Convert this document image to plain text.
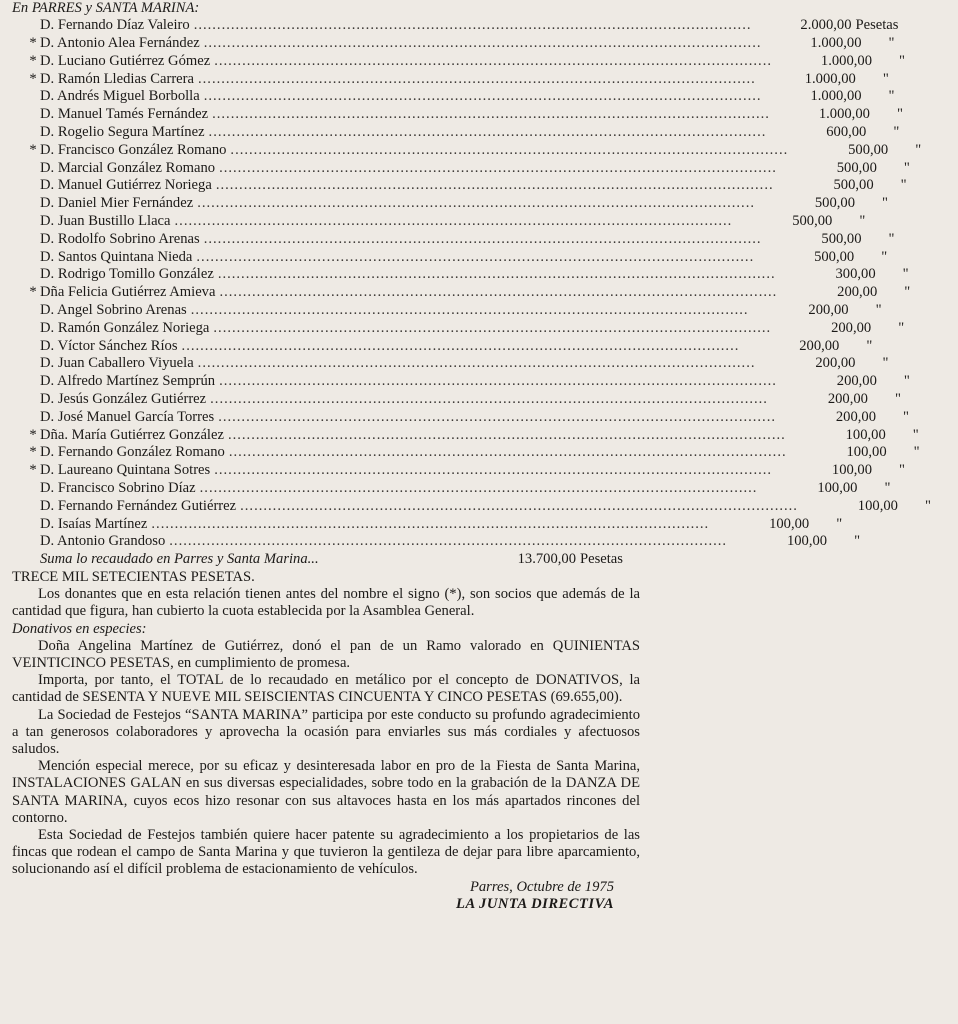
En PARRES y SANTA MARINA:

D. Fernando Díaz Valeiro ........................................................................................................................	2.000,00 Pesetas
* D. Antonio Alea Fernández ........................................................................................................................	1.000,00	"
* D. Luciano Gutiérrez Gómez ........................................................................................................................	1.000,00	"
* D. Ramón Lledias Carrera ........................................................................................................................	1.000,00	"
D. Andrés Miguel Borbolla ........................................................................................................................	1.000,00	"
D. Manuel Tamés Fernández ........................................................................................................................	1.000,00	"
D. Rogelio Segura Martínez ........................................................................................................................	600,00	"
* D. Francisco González Romano ........................................................................................................................	500,00	"
D. Marcial González Romano ........................................................................................................................	500,00	"
D. Manuel Gutiérrez Noriega ........................................................................................................................	500,00	"
D. Daniel Mier Fernández ........................................................................................................................	500,00	"
D. Juan Bustillo Llaca ........................................................................................................................	500,00	"
D. Rodolfo Sobrino Arenas ........................................................................................................................	500,00	"
D. Santos Quintana Nieda ........................................................................................................................	500,00	"
D. Rodrigo Tomillo González ........................................................................................................................	300,00	"
* Dña Felicia Gutiérrez Amieva ........................................................................................................................	200,00	"
D. Angel Sobrino Arenas ........................................................................................................................	200,00	"
D. Ramón González Noriega ........................................................................................................................	200,00	"
D. Víctor Sánchez Ríos ........................................................................................................................	200,00	"
D. Juan Caballero Viyuela ........................................................................................................................	200,00	"
D. Alfredo Martínez Semprún ........................................................................................................................	200,00	"
D. Jesús González Gutiérrez ........................................................................................................................	200,00	"
D. José Manuel García Torres ........................................................................................................................	200,00	"
* Dña. María Gutiérrez González ........................................................................................................................	100,00	"
* D. Fernando González Romano ........................................................................................................................	100,00	"
* D. Laureano Quintana Sotres ........................................................................................................................	100,00	"
D. Francisco Sobrino Díaz ........................................................................................................................	100,00	"
D. Fernando Fernández Gutiérrez ........................................................................................................................	100,00	"
D. Isaías Martínez ........................................................................................................................	100,00	"
D. Antonio Grandoso ........................................................................................................................	100,00	"
Suma lo recaudado en Parres y Santa Marina...	13.700,00 Pesetas

TRECE MIL SETECIENTAS PESETAS.

Los donantes que en esta relación tienen antes del nombre el signo (*), son socios que además de la cantidad que figura, han cubierto la cuota establecida por la Asamblea General.

Donativos en especies:

Doña Angelina Martínez de Gutiérrez, donó el pan de un Ramo valorado en QUINIENTAS VEINTICINCO PESETAS, en cumplimiento de promesa.

Importa, por tanto, el TOTAL de lo recaudado en metálico por el concepto de DONATIVOS, la cantidad de SESENTA Y NUEVE MIL SEISCIENTAS CINCUENTA Y CINCO PESETAS (69.655,00).

La Sociedad de Festejos “SANTA MARINA” participa por este conducto su profundo agradecimiento a tan generosos colaboradores y aprovecha la ocasión para enviarles sus más cordiales y afectuosos saludos.

Mención especial merece, por su eficaz y desinteresada labor en pro de la Fiesta de Santa Marina, INSTALACIONES GALAN en sus diversas especialidades, sobre todo en la grabación de la DANZA DE SANTA MARINA, cuyos ecos hizo resonar con sus altavoces hasta en los más apartados rincones del contorno.

Esta Sociedad de Festejos también quiere hacer patente su agradecimiento a los propietarios de las fincas que rodean el campo de Santa Marina y que tuvieron la gentileza de dejar para libre aparcamiento, solucionando así el difícil problema de estacionamiento de vehículos.

Parres, Octubre de 1975

LA JUNTA DIRECTIVA
